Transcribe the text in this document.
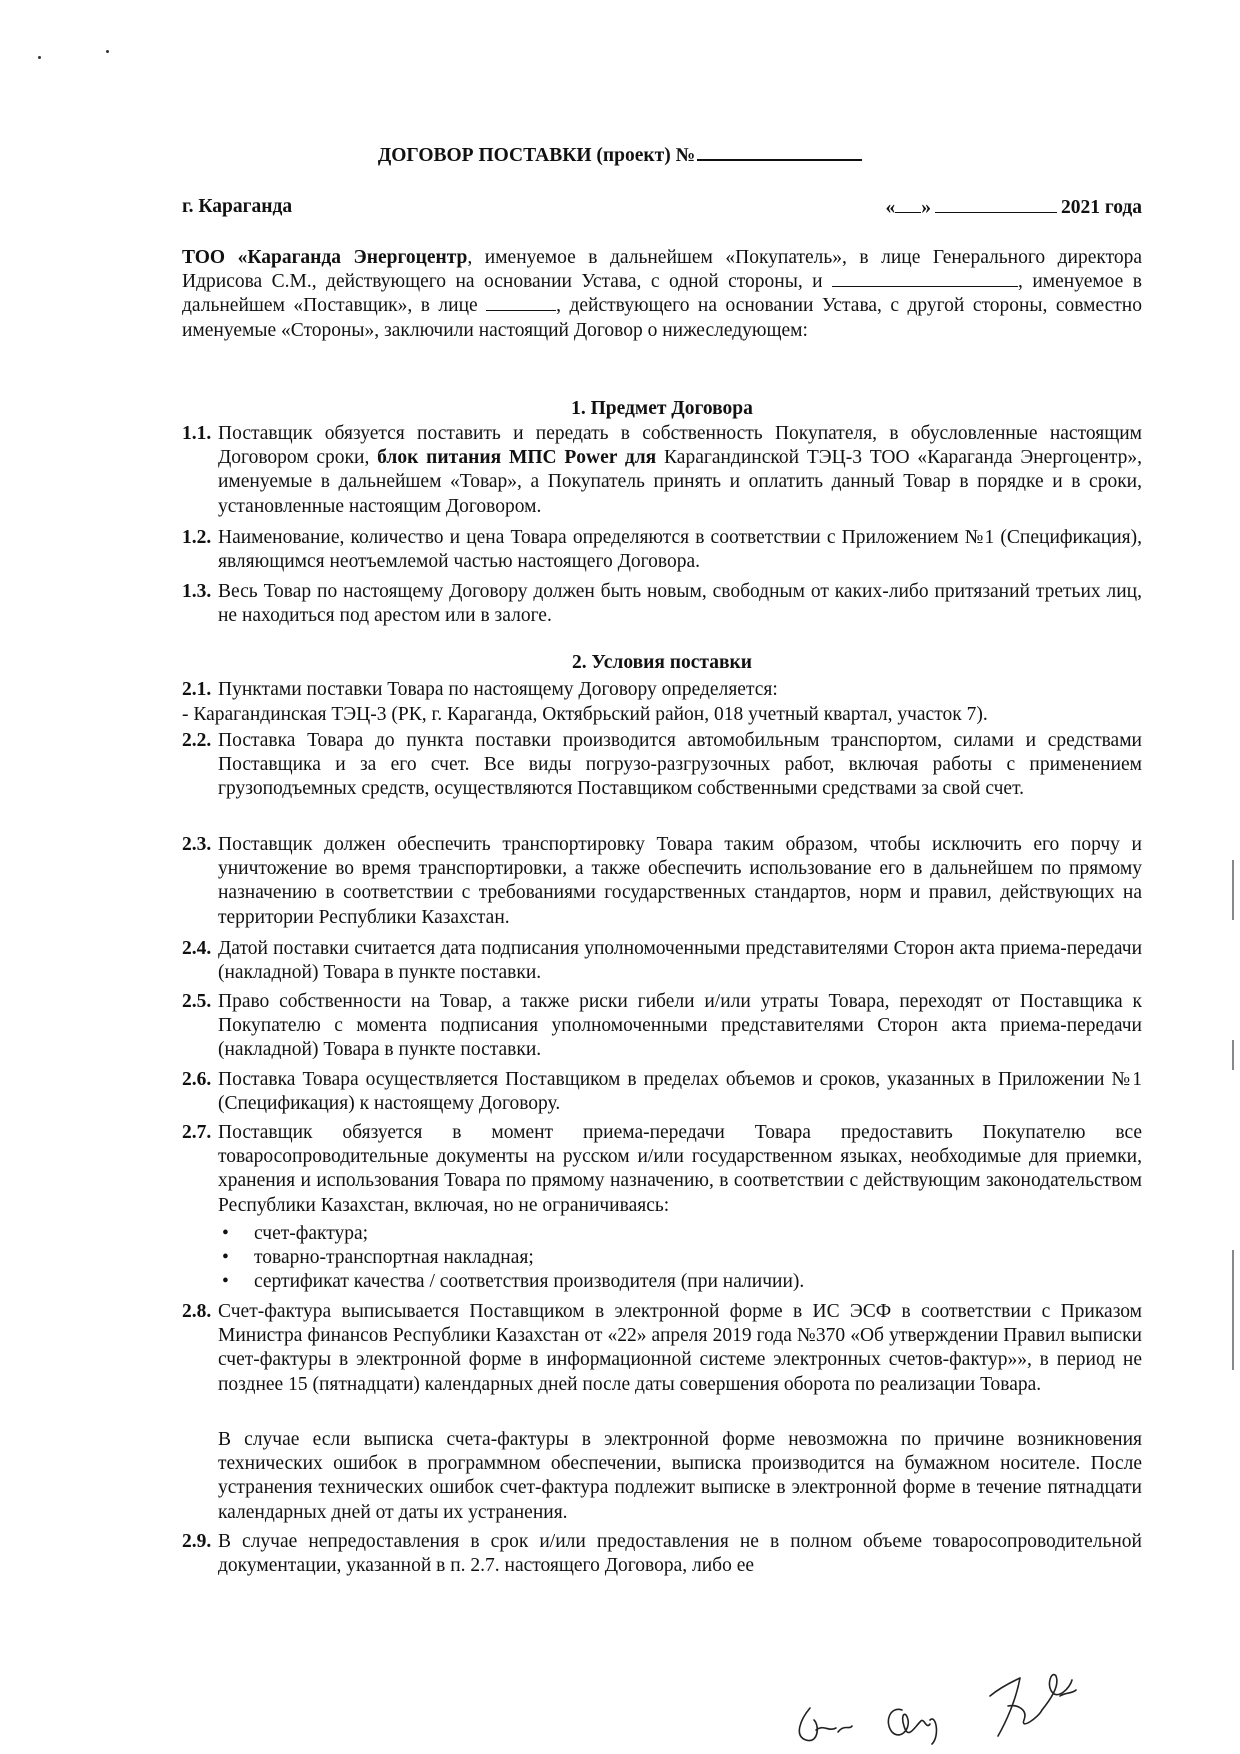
ДОГОВОР ПОСТАВКИ (проект) №
г. Караганда	« »	2021 года
ТОО «Караганда Энергоцентр, именуемое в дальнейшем «Покупатель», в лице Генерального директора Идрисова С.М., действующего на основании Устава, с одной стороны, и	, именуемое в дальнейшем «Поставщик», в лице	, действующего на основании Устава, с другой стороны, совместно именуемые «Стороны», заключили настоящий Договор о нижеследующем:
1. Предмет Договора
1.1. Поставщик обязуется поставить и передать в собственность Покупателя, в обусловленные настоящим Договором сроки, блок питания МПС Power для Карагандинской ТЭЦ-3 ТОО «Караганда Энергоцентр», именуемые в дальнейшем «Товар», а Покупатель принять и оплатить данный Товар в порядке и в сроки, установленные настоящим Договором.
1.2. Наименование, количество и цена Товара определяются в соответствии с Приложением №1 (Спецификация), являющимся неотъемлемой частью настоящего Договора.
1.3. Весь Товар по настоящему Договору должен быть новым, свободным от каких-либо притязаний третьих лиц, не находиться под арестом или в залоге.
2. Условия поставки
2.1. Пунктами поставки Товара по настоящему Договору определяется:
- Карагандинская ТЭЦ-3 (РК, г. Караганда, Октябрьский район, 018 учетный квартал, участок 7).
2.2. Поставка Товара до пункта поставки производится автомобильным транспортом, силами и средствами Поставщика и за его счет. Все виды погрузо-разгрузочных работ, включая работы с применением грузоподъемных средств, осуществляются Поставщиком собственными средствами за свой счет.
2.3. Поставщик должен обеспечить транспортировку Товара таким образом, чтобы исключить его порчу и уничтожение во время транспортировки, а также обеспечить использование его в дальнейшем по прямому назначению в соответствии с требованиями государственных стандартов, норм и правил, действующих на территории Республики Казахстан.
2.4. Датой поставки считается дата подписания уполномоченными представителями Сторон акта приема-передачи (накладной) Товара в пункте поставки.
2.5. Право собственности на Товар, а также риски гибели и/или утраты Товара, переходят от Поставщика к Покупателю с момента подписания уполномоченными представителями Сторон акта приема-передачи (накладной) Товара в пункте поставки.
2.6. Поставка Товара осуществляется Поставщиком в пределах объемов и сроков, указанных в Приложении №1 (Спецификация) к настоящему Договору.
2.7. Поставщик обязуется в момент приема-передачи Товара предоставить Покупателю все товаросопроводительные документы на русском и/или государственном языках, необходимые для приемки, хранения и использования Товара по прямому назначению, в соответствии с действующим законодательством Республики Казахстан, включая, но не ограничиваясь:
• счет-фактура;
• товарно-транспортная накладная;
• сертификат качества / соответствия производителя (при наличии).
2.8. Счет-фактура выписывается Поставщиком в электронной форме в ИС ЭСФ в соответствии с Приказом Министра финансов Республики Казахстан от «22» апреля 2019 года №370 «Об утверждении Правил выписки счет-фактуры в электронной форме в информационной системе электронных счетов-фактур»», в период не позднее 15 (пятнадцати) календарных дней после даты совершения оборота по реализации Товара.
В случае если выписка счета-фактуры в электронной форме невозможна по причине возникновения технических ошибок в программном обеспечении, выписка производится на бумажном носителе. После устранения технических ошибок счет-фактура подлежит выписке в электронной форме в течение пятнадцати календарных дней от даты их устранения.
2.9. В случае непредоставления в срок и/или предоставления не в полном объеме товаросопроводительной документации, указанной в п. 2.7. настоящего Договора, либо ее
